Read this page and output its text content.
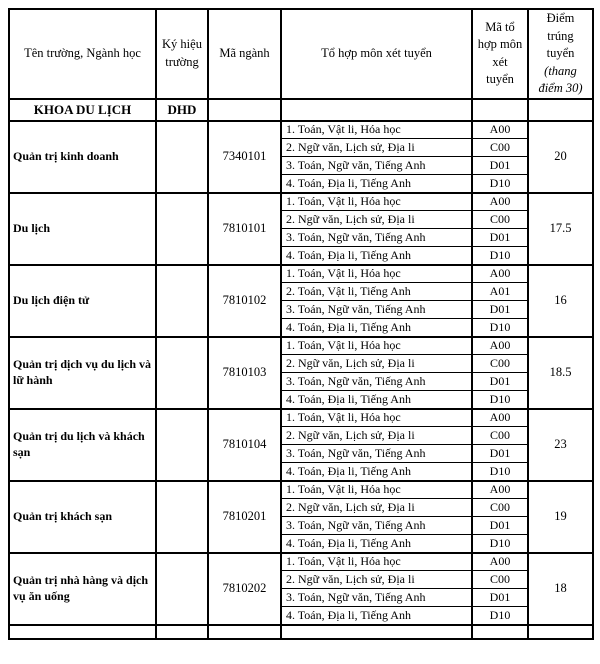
Tên trường, Ngành học	Ký hiệu trường	Mã ngành	Tổ hợp môn xét tuyển	Mã tổ hợp môn xét tuyển	Điểm trúng tuyển (thang điểm 30)
KHOA DU LỊCH	DHD				
Quản trị kinh doanh		7340101	1. Toán, Vật li, Hóa học	A00	20
			2. Ngữ văn, Lịch sử, Địa li	C00	
			3. Toán, Ngữ văn, Tiếng Anh	D01	
			4. Toán, Địa li, Tiếng Anh	D10	
Du lịch		7810101	1. Toán, Vật li, Hóa học	A00	17.5
			2. Ngữ văn, Lịch sử, Địa li	C00	
			3. Toán, Ngữ văn, Tiếng Anh	D01	
			4. Toán, Địa li, Tiếng Anh	D10	
Du lịch điện tử		7810102	1. Toán, Vật li, Hóa học	A00	16
			2. Toán, Vật li, Tiếng Anh	A01	
			3. Toán, Ngữ văn, Tiếng Anh	D01	
			4. Toán, Địa li, Tiếng Anh	D10	
Quản trị dịch vụ du lịch và lữ hành		7810103	1. Toán, Vật li, Hóa học	A00	18.5
			2. Ngữ văn, Lịch sử, Địa li	C00	
			3. Toán, Ngữ văn, Tiếng Anh	D01	
			4. Toán, Địa li, Tiếng Anh	D10	
Quản trị du lịch và khách sạn		7810104	1. Toán, Vật li, Hóa học	A00	23
			2. Ngữ văn, Lịch sử, Địa li	C00	
			3. Toán, Ngữ văn, Tiếng Anh	D01	
			4. Toán, Địa li, Tiếng Anh	D10	
Quản trị khách sạn		7810201	1. Toán, Vật li, Hóa học	A00	19
			2. Ngữ văn, Lịch sử, Địa li	C00	
			3. Toán, Ngữ văn, Tiếng Anh	D01	
			4. Toán, Địa li, Tiếng Anh	D10	
Quản trị nhà hàng và dịch vụ ăn uống		7810202	1. Toán, Vật li, Hóa học	A00	18
			2. Ngữ văn, Lịch sử, Địa li	C00	
			3. Toán, Ngữ văn, Tiếng Anh	D01	
			4. Toán, Địa li, Tiếng Anh	D10	
